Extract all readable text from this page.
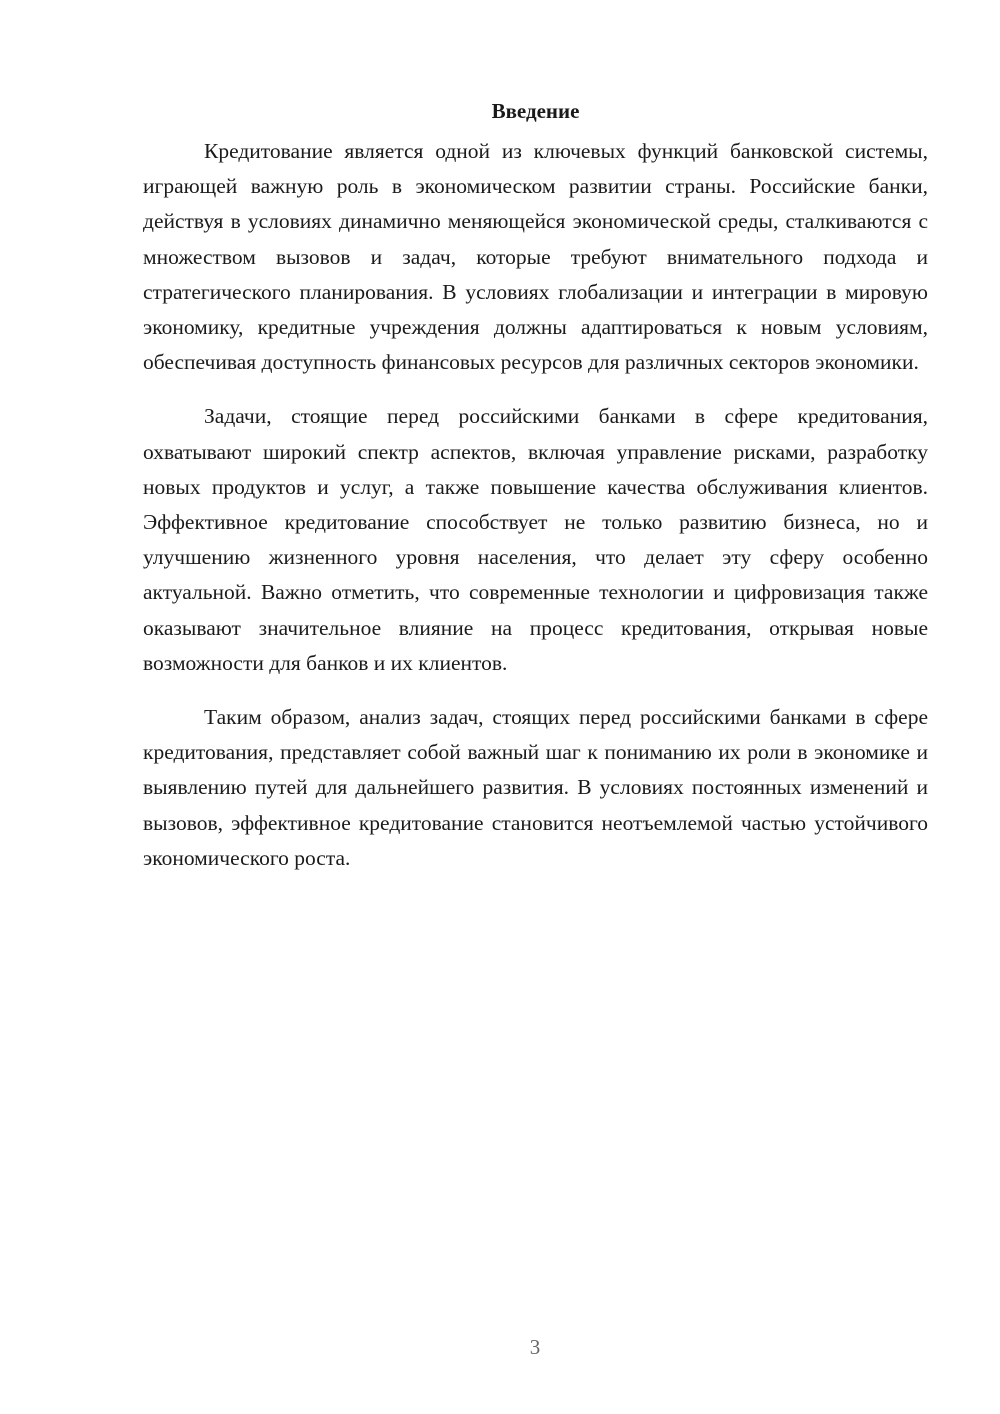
Введение

Кредитование является одной из ключевых функций банковской системы, играющей важную роль в экономическом развитии страны. Российские банки, действуя в условиях динамично меняющейся экономической среды, сталкиваются с множеством вызовов и задач, которые требуют внимательного подхода и стратегического планирования. В условиях глобализации и интеграции в мировую экономику, кредитные учреждения должны адаптироваться к новым условиям, обеспечивая доступность финансовых ресурсов для различных секторов экономики.

Задачи, стоящие перед российскими банками в сфере кредитования, охватывают широкий спектр аспектов, включая управление рисками, разработку новых продуктов и услуг, а также повышение качества обслуживания клиентов. Эффективное кредитование способствует не только развитию бизнеса, но и улучшению жизненного уровня населения, что делает эту сферу особенно актуальной. Важно отметить, что современные технологии и цифровизация также оказывают значительное влияние на процесс кредитования, открывая новые возможности для банков и их клиентов.

Таким образом, анализ задач, стоящих перед российскими банками в сфере кредитования, представляет собой важный шаг к пониманию их роли в экономике и выявлению путей для дальнейшего развития. В условиях постоянных изменений и вызовов, эффективное кредитование становится неотъемлемой частью устойчивого экономического роста.

3
